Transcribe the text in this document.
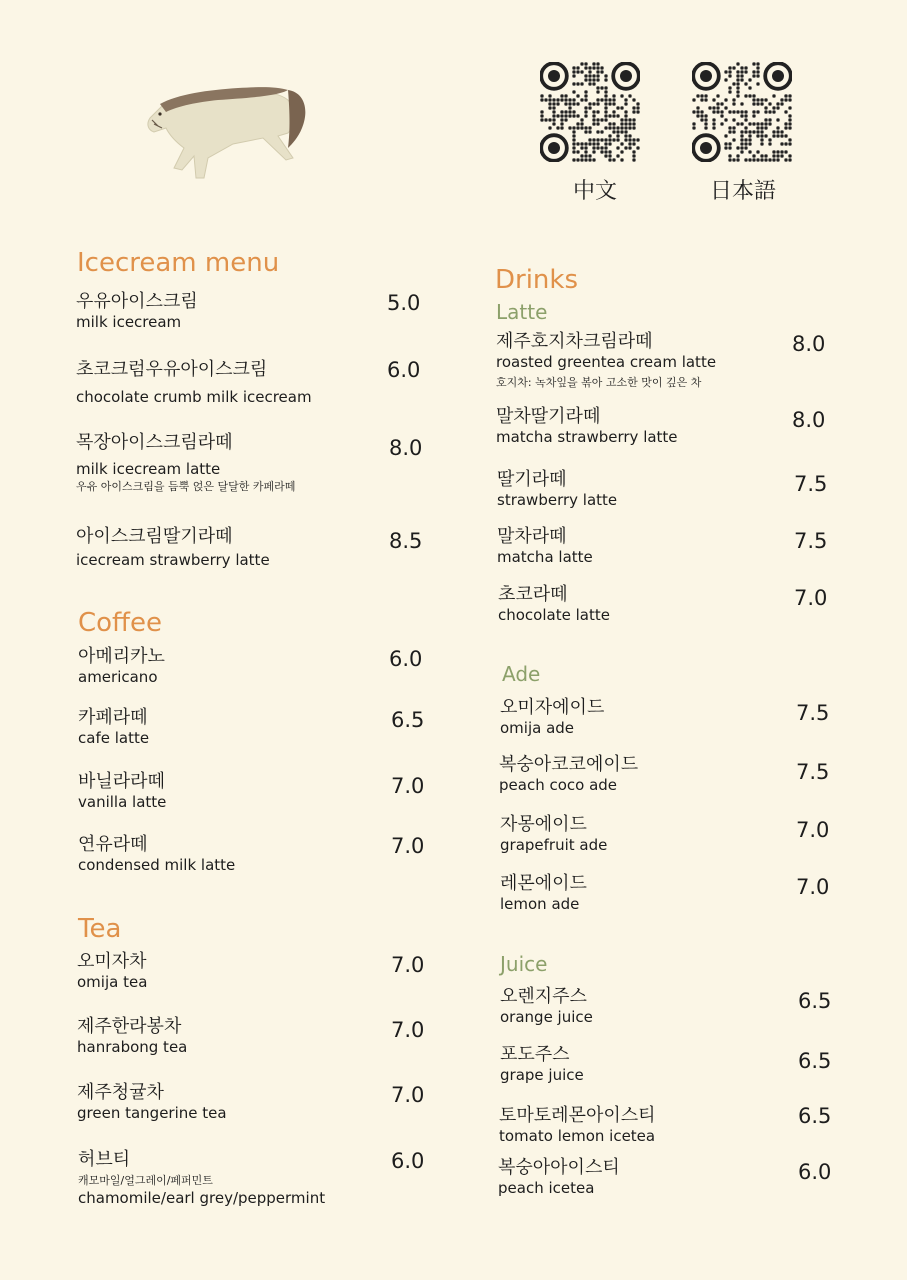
中文	日本語
Icecream menu
Coffee
Tea
Drinks
Latte
Ade
Juice
우유아이스크림
milk icecream
5.0
초코크럼우유아이스크림
chocolate crumb milk icecream
6.0
목장아이스크림라떼
milk icecream latte
우유 아이스크림을 듬뿍 얹은 달달한 카페라떼
8.0
아이스크림딸기라떼
icecream strawberry latte
8.5
아메리카노
americano
6.0
카페라떼
cafe latte
6.5
바닐라라떼
vanilla latte
7.0
연유라떼
condensed milk latte
7.0
오미자차
omija tea
7.0
제주한라봉차
hanrabong tea
7.0
제주청귤차
green tangerine tea
7.0
허브티
캐모마일/얼그레이/페퍼민트
chamomile/earl grey/peppermint
6.0
제주호지차크림라떼
roasted greentea cream latte
호지차: 녹차잎을 볶아 고소한 맛이 깊은 차
8.0
말차딸기라떼
matcha strawberry latte
8.0
딸기라떼
strawberry latte
7.5
말차라떼
matcha latte
7.5
초코라떼
chocolate latte
7.0
오미자에이드
omija ade
7.5
복숭아코코에이드
peach coco ade
7.5
자몽에이드
grapefruit ade
7.0
레몬에이드
lemon ade
7.0
오렌지주스
orange juice
6.5
포도주스
grape juice
6.5
토마토레몬아이스티
tomato lemon icetea
6.5
복숭아아이스티
peach icetea
6.0
